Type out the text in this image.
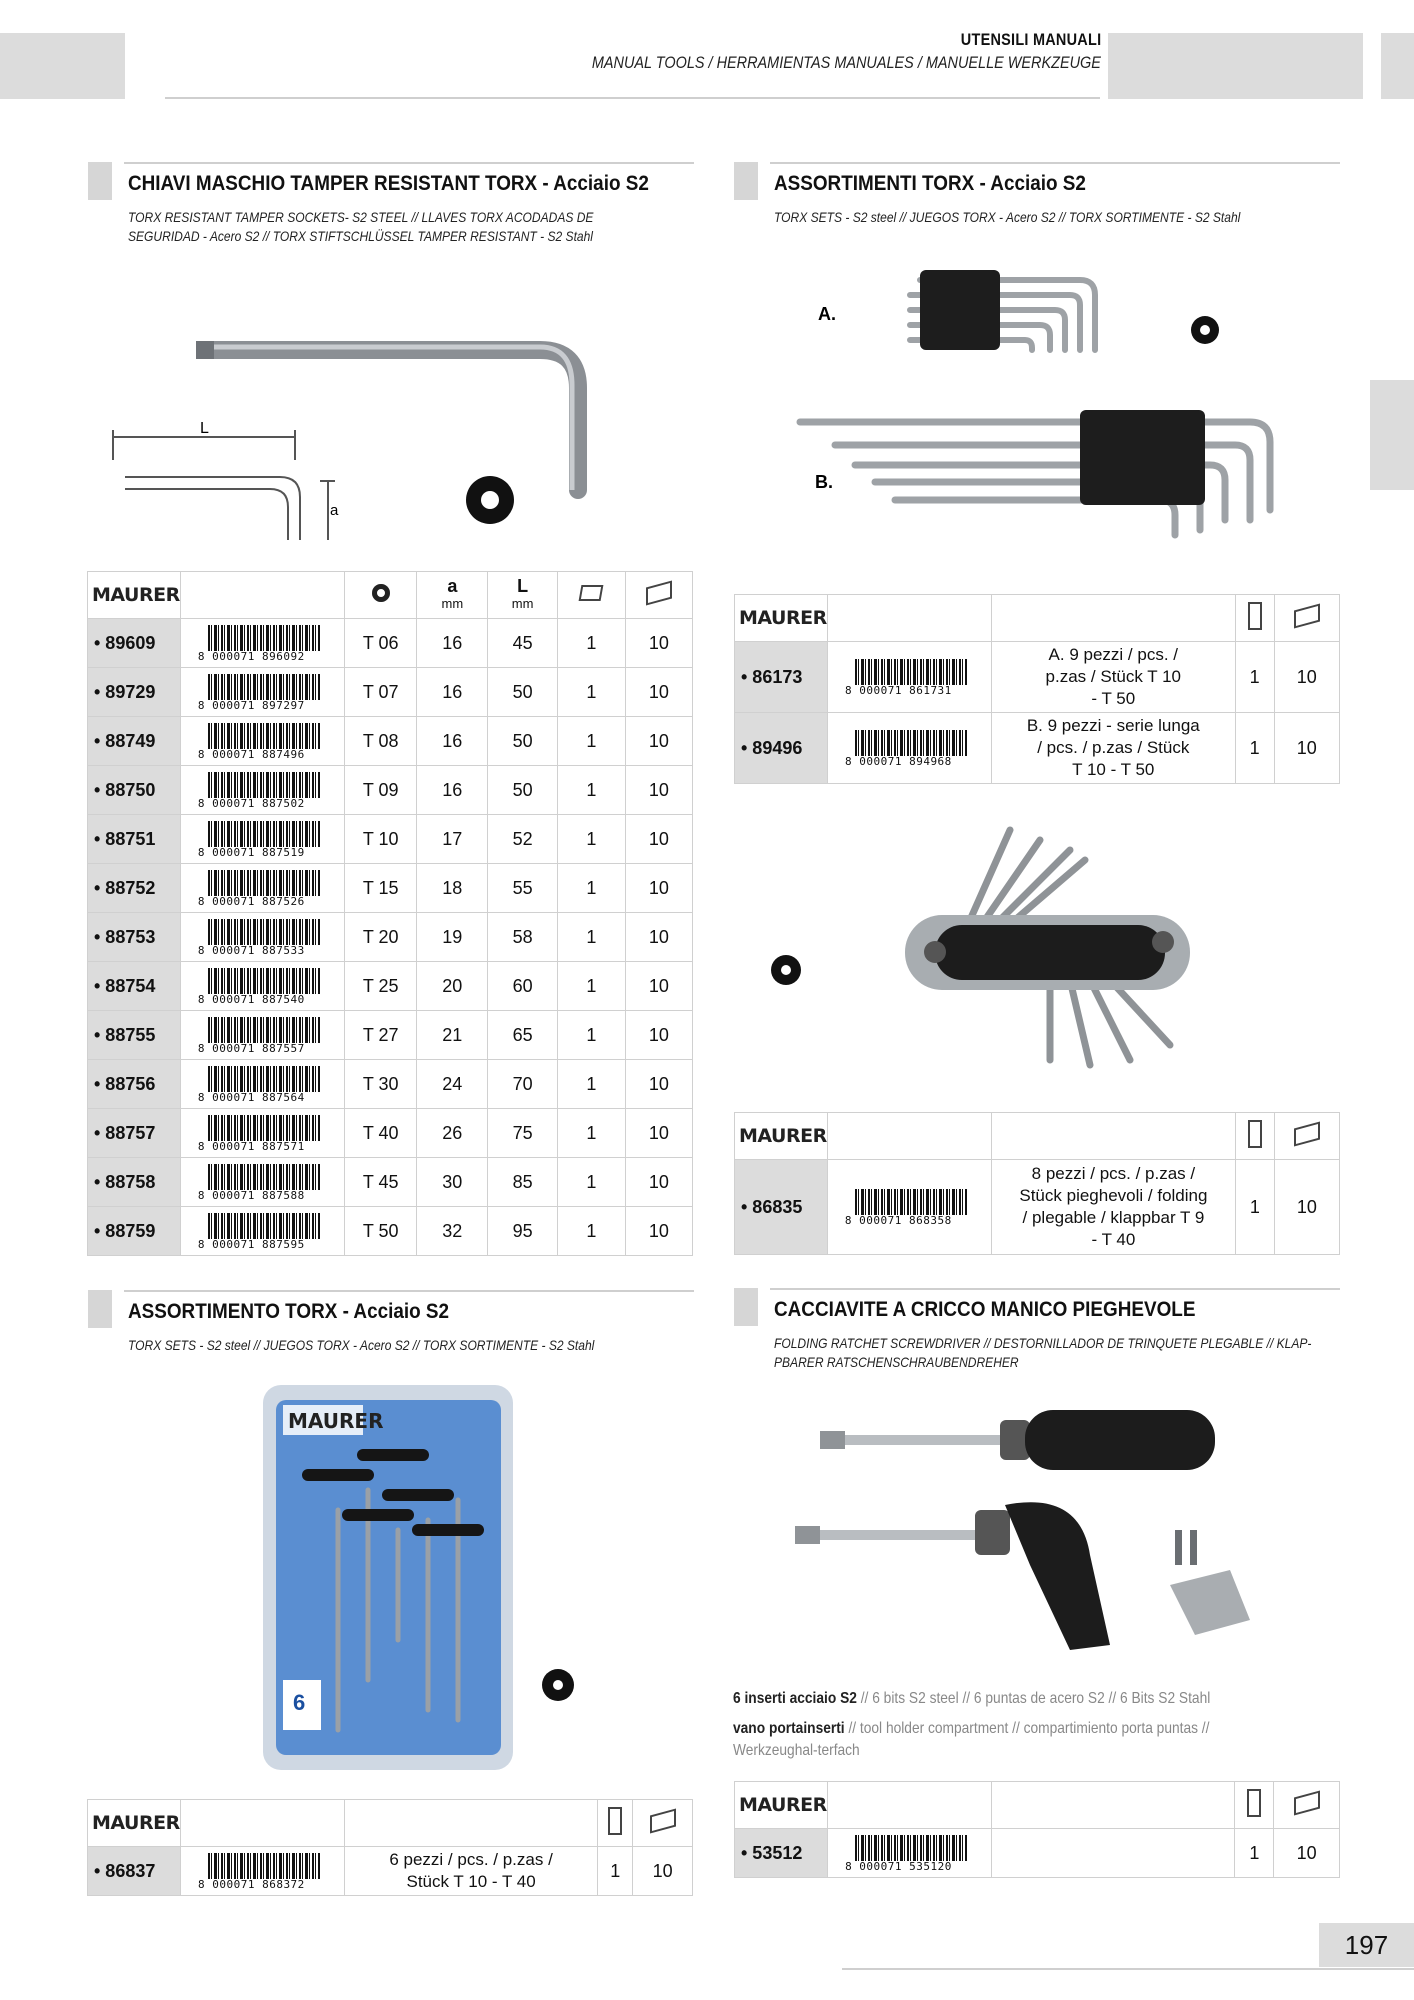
UTENSILI MANUALI
MANUAL TOOLS / HERRAMIENTAS MANUALES / MANUELLE WERKZEUGE
CHIAVI MASCHIO TAMPER RESISTANT TORX - Acciaio S2
TORX RESISTANT TAMPER SOCKETS- S2 STEEL // LLAVES TORX ACODADAS DE SEGURIDAD - Acero S2 // TORX STIFTSCHLÜSSEL TAMPER RESISTANT - S2 Stahl
L
a
MAURER			a
mm	L
mm		
• 89609	8 000071 896092	T 06	16	45	1	10
• 89729	8 000071 897297	T 07	16	50	1	10
• 88749	8 000071 887496	T 08	16	50	1	10
• 88750	8 000071 887502	T 09	16	50	1	10
• 88751	8 000071 887519	T 10	17	52	1	10
• 88752	8 000071 887526	T 15	18	55	1	10
• 88753	8 000071 887533	T 20	19	58	1	10
• 88754	8 000071 887540	T 25	20	60	1	10
• 88755	8 000071 887557	T 27	21	65	1	10
• 88756	8 000071 887564	T 30	24	70	1	10
• 88757	8 000071 887571	T 40	26	75	1	10
• 88758	8 000071 887588	T 45	30	85	1	10
• 88759	8 000071 887595	T 50	32	95	1	10
ASSORTIMENTI TORX - Acciaio S2
TORX SETS - S2 steel // JUEGOS TORX - Acero S2 // TORX SORTIMENTE - S2 Stahl
A.
B.
MAURER				
• 86173	8 000071 861731	A. 9 pezzi / pcs. /
p.zas / Stück T 10
- T 50	1	10
• 89496	8 000071 894968	B. 9 pezzi - serie lunga
/ pcs. / p.zas / Stück
T 10 - T 50	1	10
MAURER				
• 86835	8 000071 868358	8 pezzi / pcs. / p.zas /
Stück pieghevoli / folding
/ plegable / klappbar T 9
- T 40	1	10
ASSORTIMENTO TORX - Acciaio S2
TORX SETS - S2 steel // JUEGOS TORX - Acero S2 // TORX SORTIMENTE - S2 Stahl
MAURER
6
MAURER				
• 86837	8 000071 868372	6 pezzi / pcs. / p.zas /
Stück T 10 - T 40	1	10
CACCIAVITE A CRICCO MANICO PIEGHEVOLE
FOLDING RATCHET SCREWDRIVER // DESTORNILLADOR DE TRINQUETE PLEGABLE // KLAP-PBARER RATSCHENSCHRAUBENDREHER
6 inserti acciaio S2 // 6 bits S2 steel // 6 puntas de acero S2 // 6 Bits S2 Stahl
vano portainserti // tool holder compartment // compartimiento porta puntas // Werkzeughal-terfach
MAURER				
• 53512	8 000071 535120		1	10
197
